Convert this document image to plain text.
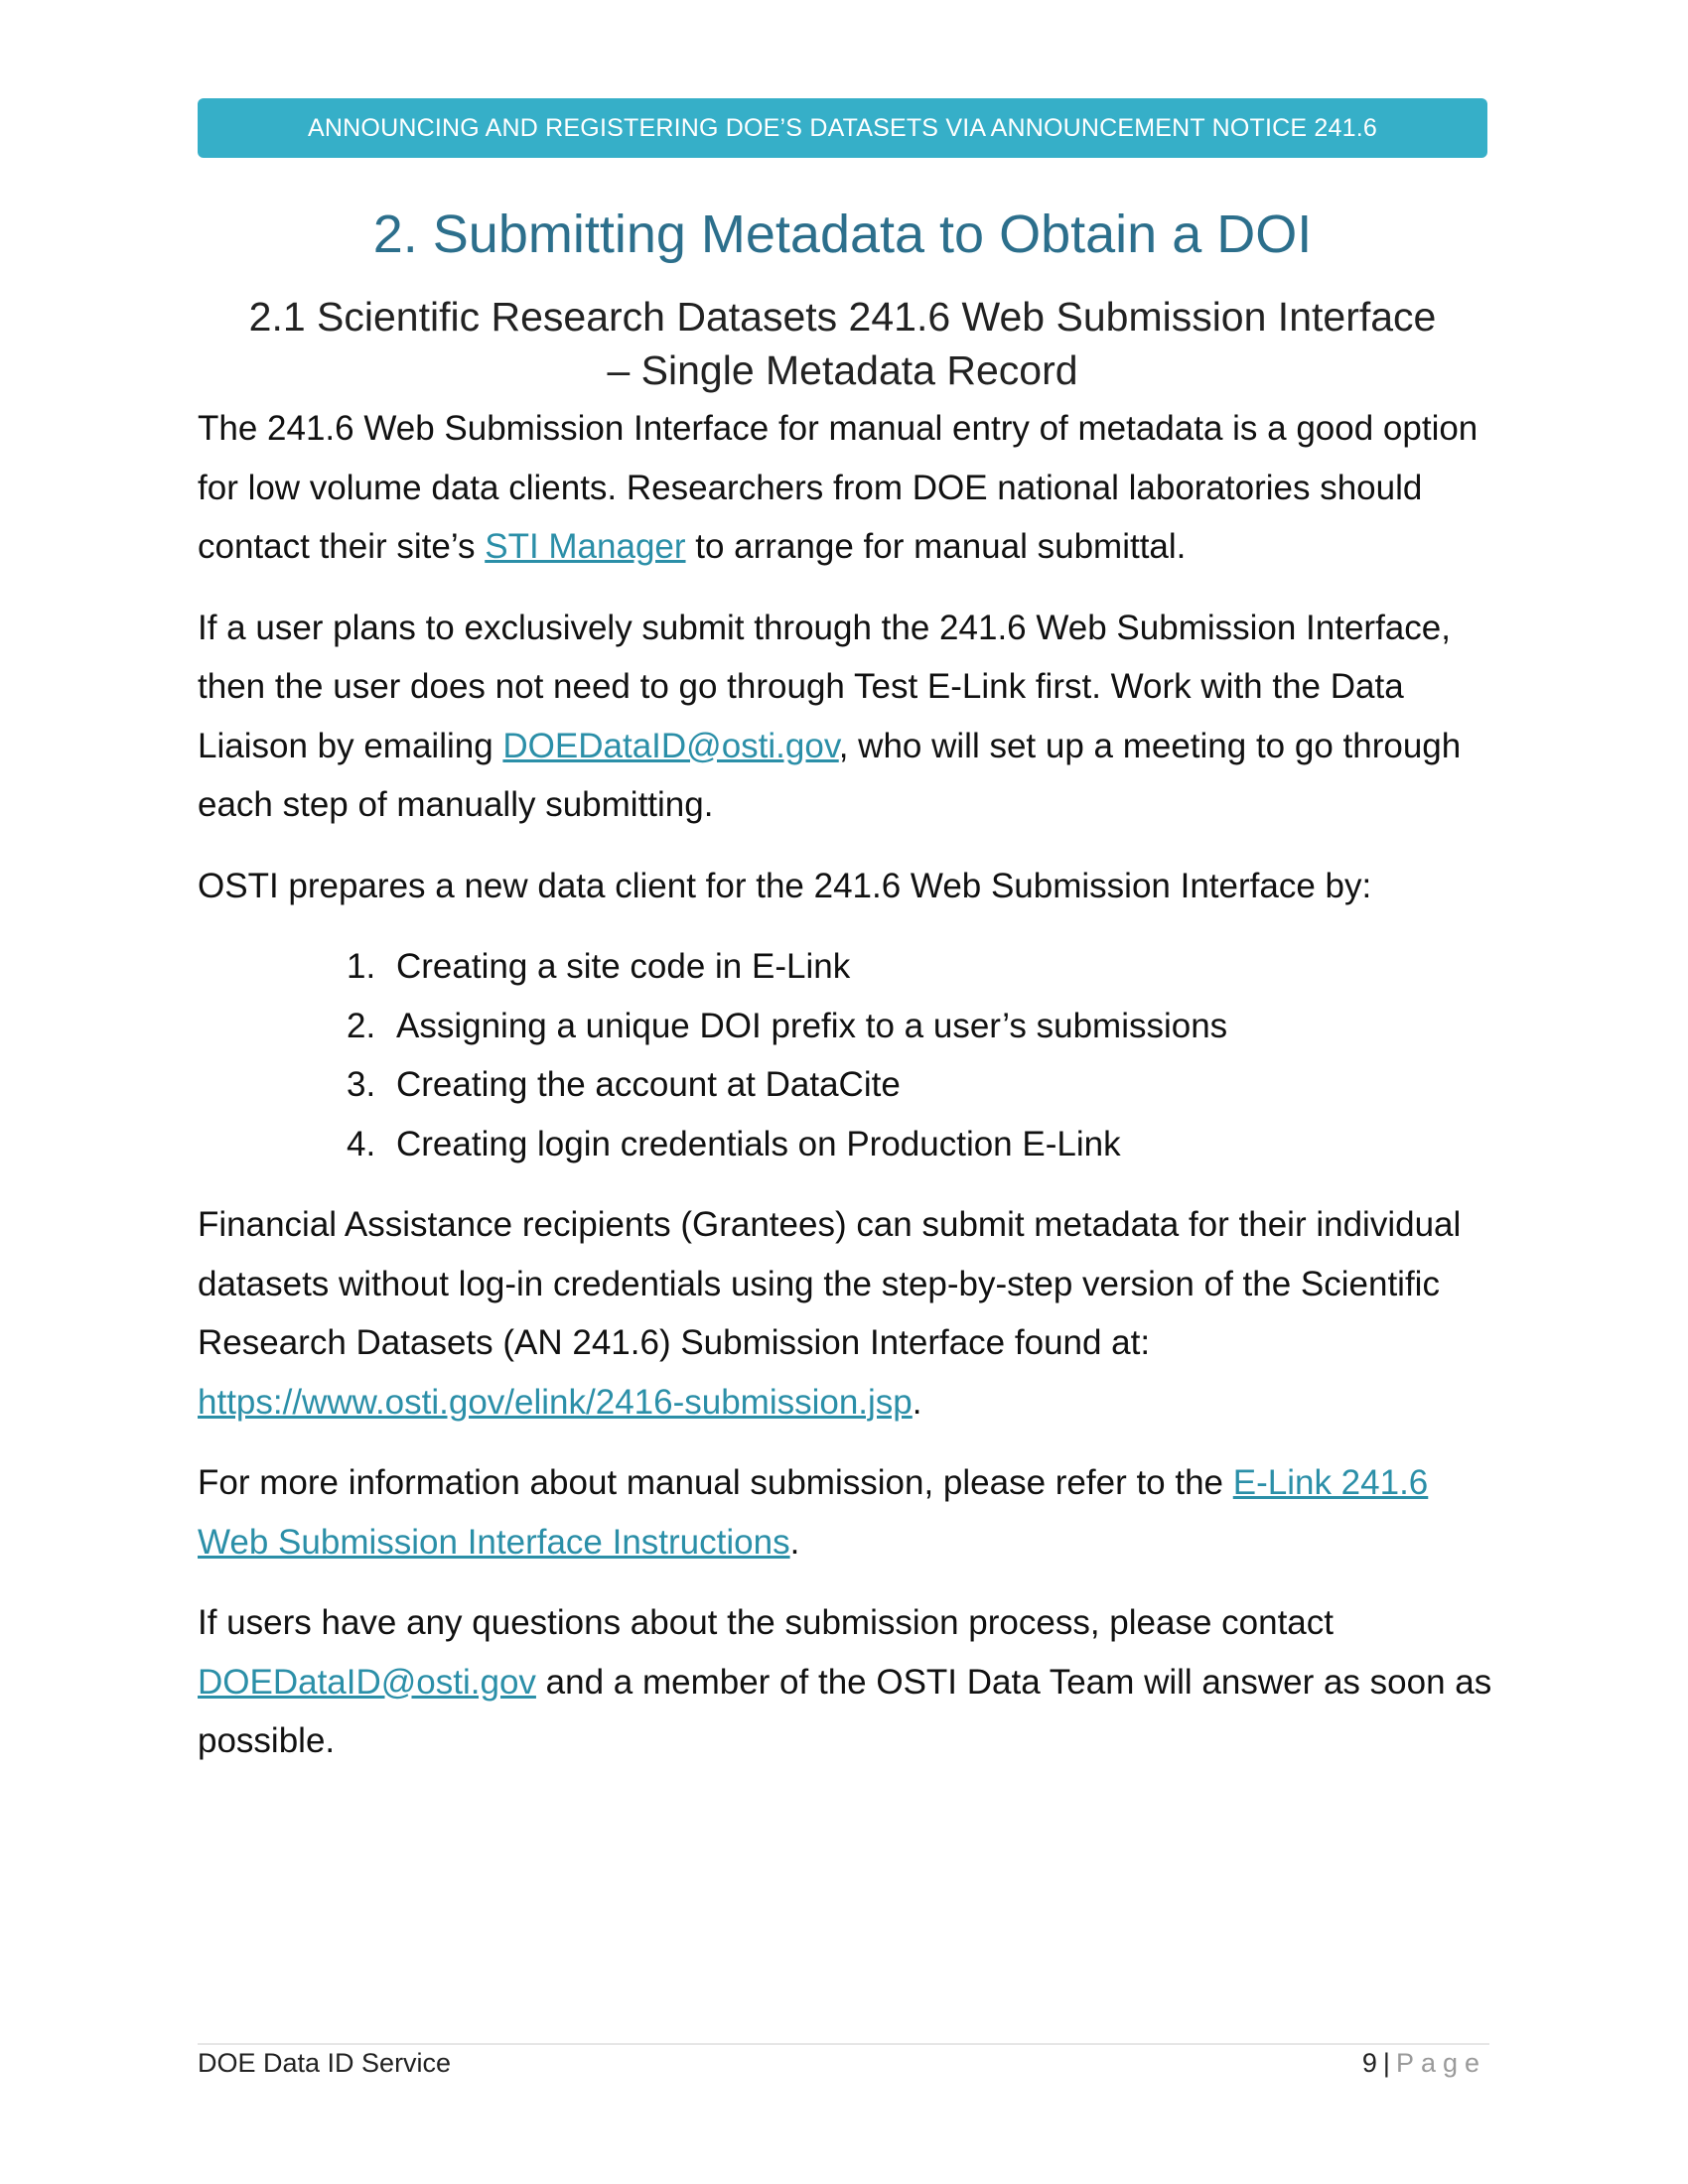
ANNOUNCING AND REGISTERING DOE’S DATASETS VIA ANNOUNCEMENT NOTICE 241.6
2. Submitting Metadata to Obtain a DOI
2.1 Scientific Research Datasets 241.6 Web Submission Interface
– Single Metadata Record

The 241.6 Web Submission Interface for manual entry of metadata is a good option for low volume data clients. Researchers from DOE national laboratories should contact their site’s STI Manager to arrange for manual submittal.

If a user plans to exclusively submit through the 241.6 Web Submission Interface, then the user does not need to go through Test E-Link first. Work with the Data Liaison by emailing DOEDataID@osti.gov, who will set up a meeting to go through each step of manually submitting.

OSTI prepares a new data client for the 241.6 Web Submission Interface by:

1. Creating a site code in E-Link
2. Assigning a unique DOI prefix to a user’s submissions
3. Creating the account at DataCite
4. Creating login credentials on Production E-Link

Financial Assistance recipients (Grantees) can submit metadata for their individual datasets without log-in credentials using the step-by-step version of the Scientific Research Datasets (AN 241.6) Submission Interface found at: https://www.osti.gov/elink/2416-submission.jsp.

For more information about manual submission, please refer to the E-Link 241.6 Web Submission Interface Instructions.

If users have any questions about the submission process, please contact DOEDataID@osti.gov and a member of the OSTI Data Team will answer as soon as possible.

DOE Data ID Service	9 | Page
